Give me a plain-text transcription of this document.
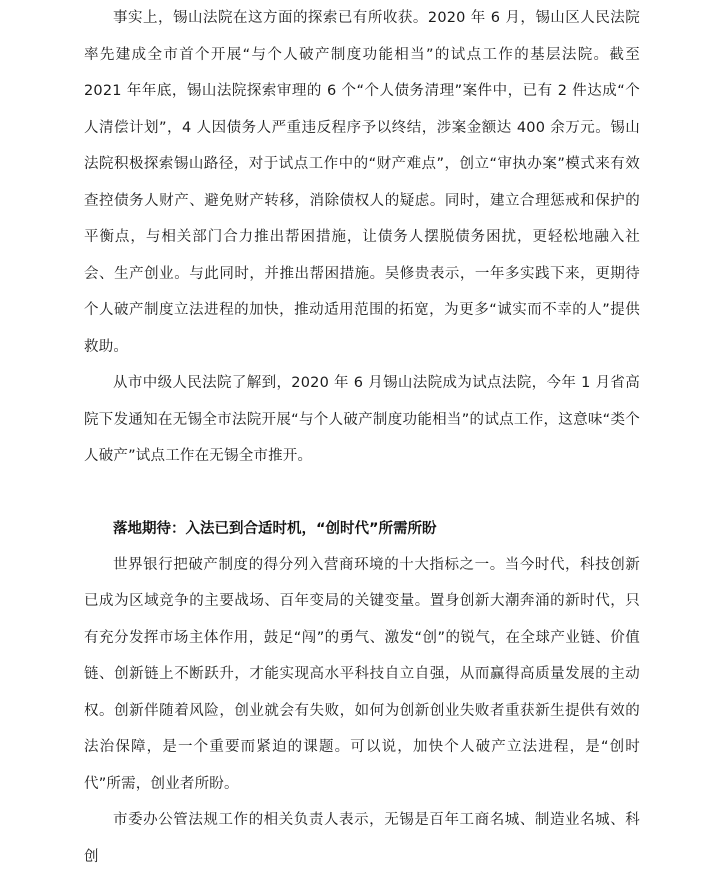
事实上，锡山法院在这方面的探索已有所收获。2020 年 6 月，锡山区人民法院率先建成全市首个开展“与个人破产制度功能相当”的试点工作的基层法院。截至 2021 年年底，锡山法院探索审理的 6 个“个人债务清理”案件中，已有 2 件达成“个人清偿计划”，4 人因债务人严重违反程序予以终结，涉案金额达 400 余万元。锡山法院积极探索锡山路径，对于试点工作中的“财产难点”，创立“审执办案”模式来有效查控债务人财产、避免财产转移，消除债权人的疑虑。同时，建立合理惩戒和保护的平衡点，与相关部门合力推出帮困措施，让债务人摆脱债务困扰，更轻松地融入社会、生产创业。与此同时，并推出帮困措施。吴修贵表示，一年多实践下来，更期待个人破产制度立法进程的加快，推动适用范围的拓宽，为更多“诚实而不幸的人”提供救助。

从市中级人民法院了解到，2020 年 6 月锡山法院成为试点法院，今年 1 月省高院下发通知在无锡全市法院开展“与个人破产制度功能相当”的试点工作，这意味“类个人破产”试点工作在无锡全市推开。

落地期待：入法已到合适时机，“创时代”所需所盼

世界银行把破产制度的得分列入营商环境的十大指标之一。当今时代，科技创新已成为区域竞争的主要战场、百年变局的关键变量。置身创新大潮奔涌的新时代，只有充分发挥市场主体作用，鼓足“闯”的勇气、激发“创”的锐气，在全球产业链、价值链、创新链上不断跃升，才能实现高水平科技自立自强，从而赢得高质量发展的主动权。创新伴随着风险，创业就会有失败，如何为创新创业失败者重获新生提供有效的法治保障，是一个重要而紧迫的课题。可以说，加快个人破产立法进程，是“创时代”所需，创业者所盼。

市委办公管法规工作的相关负责人表示，无锡是百年工商名城、制造业名城、科创
